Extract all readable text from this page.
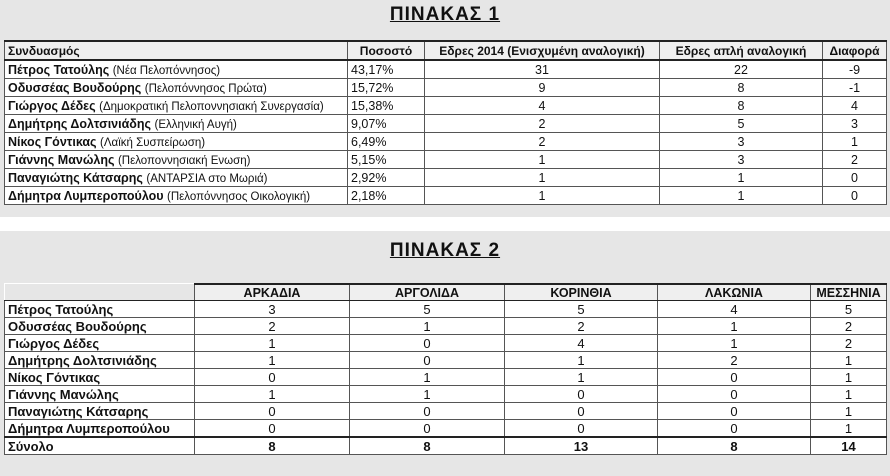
ΠΙΝΑΚΑΣ 1
Συνδυασμός	Ποσοστό	Εδρες 2014 (Ενισχυμένη αναλογική)	Εδρες απλή αναλογική	Διαφορά
Πέτρος Τατούλης (Νέα Πελοπόννησος)	43,17%	31	22	-9
Οδυσσέας Βουδούρης (Πελοπόννησος Πρώτα)	15,72%	9	8	-1
Γιώργος Δέδες (Δημοκρατική Πελοποννησιακή Συνεργασία)	15,38%	4	8	4
Δημήτρης Δολτσινιάδης (Ελληνική Αυγή)	9,07%	2	5	3
Νίκος Γόντικας (Λαϊκή Συσπείρωση)	6,49%	2	3	1
Γιάννης Μανώλης (Πελοποννησιακή Ενωση)	5,15%	1	3	2
Παναγιώτης Κάτσαρης (ΑΝΤΑΡΣΙΑ στο Μωριά)	2,92%	1	1	0
Δήμητρα Λυμπεροπούλου (Πελοπόννησος Οικολογική)	2,18%	1	1	0
ΠΙΝΑΚΑΣ 2
	ΑΡΚΑΔΙΑ	ΑΡΓΟΛΙΔΑ	ΚΟΡΙΝΘΙΑ	ΛΑΚΩΝΙΑ	ΜΕΣΣΗΝΙΑ
Πέτρος Τατούλης	3	5	5	4	5
Οδυσσέας Βουδούρης	2	1	2	1	2
Γιώργος Δέδες	1	0	4	1	2
Δημήτρης Δολτσινιάδης	1	0	1	2	1
Νίκος Γόντικας	0	1	1	0	1
Γιάννης Μανώλης	1	1	0	0	1
Παναγιώτης Κάτσαρης	0	0	0	0	1
Δήμητρα Λυμπεροπούλου	0	0	0	0	1
Σύνολο	8	8	13	8	14
